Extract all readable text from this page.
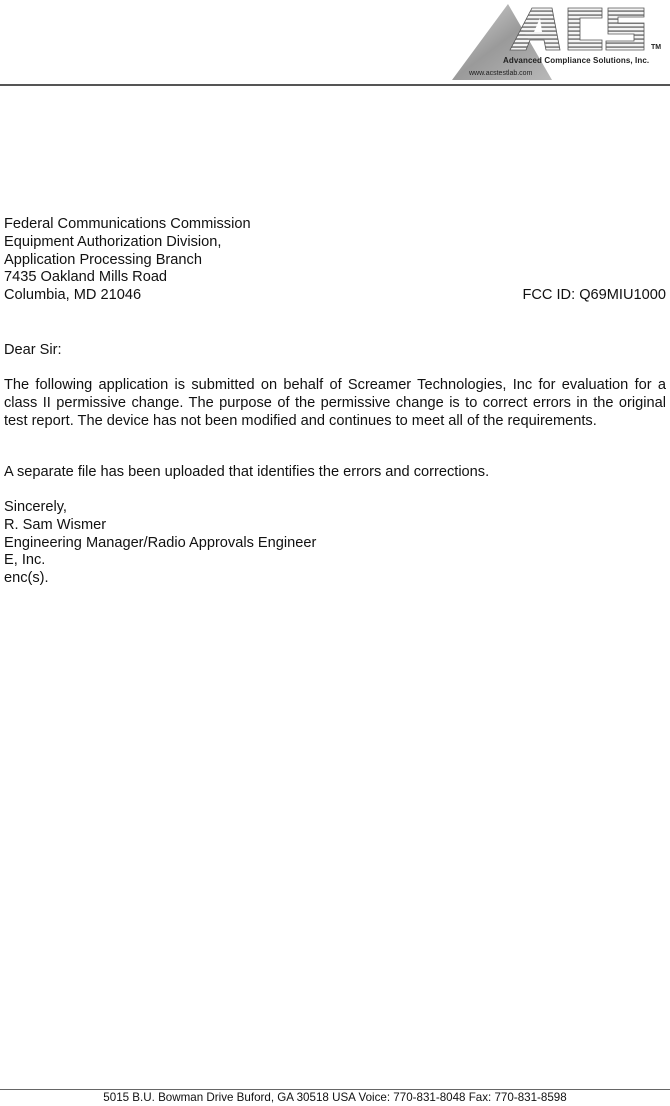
TM
Advanced Compliance Solutions, Inc.
www.acstestlab.com
Federal Communications Commission
Equipment Authorization Division,
Application Processing Branch
7435 Oakland Mills Road
Columbia, MD 21046	FCC ID: Q69MIU1000
Dear Sir:
The following application is submitted on behalf of Screamer Technologies, Inc for evaluation for a class II permissive change. The purpose of the permissive change is to correct errors in the original test report. The device has not been modified and continues to meet all of the requirements.
A separate file has been uploaded that identifies the errors and corrections.
Sincerely,
R. Sam Wismer
Engineering Manager/Radio Approvals Engineer
E, Inc.
enc(s).
5015 B.U. Bowman Drive Buford, GA 30518 USA Voice: 770-831-8048 Fax: 770-831-8598
